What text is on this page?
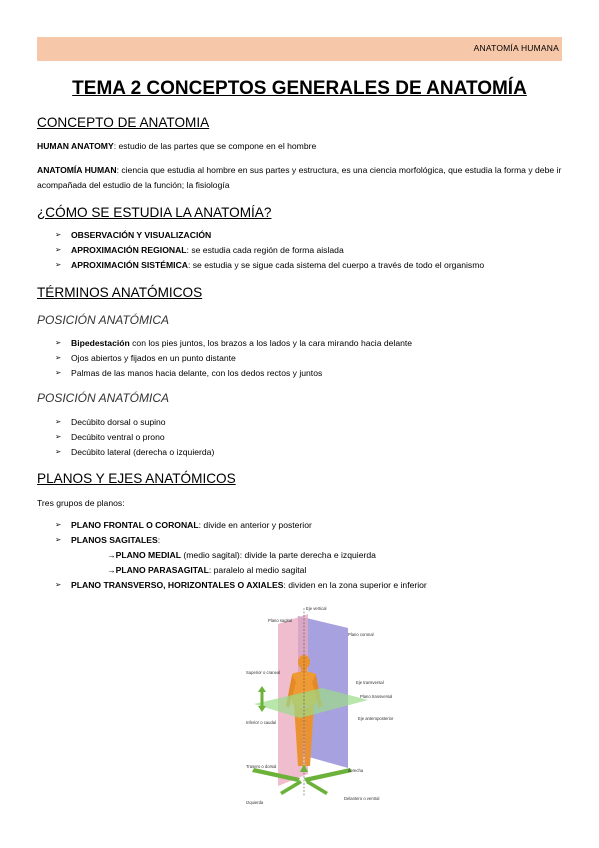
ANATOMÍA HUMANA
TEMA 2 CONCEPTOS GENERALES DE ANATOMÍA
CONCEPTO DE ANATOMIA
HUMAN ANATOMY: estudio de las partes que se compone en el hombre
ANATOMÍA HUMAN: ciencia que estudia al hombre en sus partes y estructura, es una ciencia morfológica, que estudia la forma y debe ir acompañada del estudio de la función; la fisiología
¿CÓMO SE ESTUDIA LA ANATOMÍA?
➢ OBSERVACIÓN Y VISUALIZACIÓN
➢ APROXIMACIÓN REGIONAL: se estudia cada región de forma aislada
➢ APROXIMACIÓN SISTÉMICA: se estudia y se sigue cada sistema del cuerpo a través de todo el organismo
TÉRMINOS ANATÓMICOS
POSICIÓN ANATÓMICA
➢ Bipedestación con los pies juntos, los brazos a los lados y la cara mirando hacia delante
➢ Ojos abiertos y fijados en un punto distante
➢ Palmas de las manos hacia delante, con los dedos rectos y juntos
POSICIÓN ANATÓMICA
➢ Decúbito dorsal o supino
➢ Decúbito ventral o prono
➢ Decúbito lateral (derecha o izquierda)
PLANOS Y EJES ANATÓMICOS
Tres grupos de planos:
➢ PLANO FRONTAL O CORONAL: divide en anterior y posterior
➢ PLANOS SAGITALES:
→PLANO MEDIAL (medio sagital): divide la parte derecha e izquierda
→PLANO PARASAGITAL: paralelo al medio sagital
➢ PLANO TRANSVERSO, HORIZONTALES O AXIALES: dividen en la zona superior e inferior
Eje vertical
Plano sagital
Plano coronal
Superior o craneal
Eje transversal
Plano transversal
Eje anteroposterior
Inferior o caudal
Trasero o dorsal
derecha
Izquierda
Delantero o ventral
